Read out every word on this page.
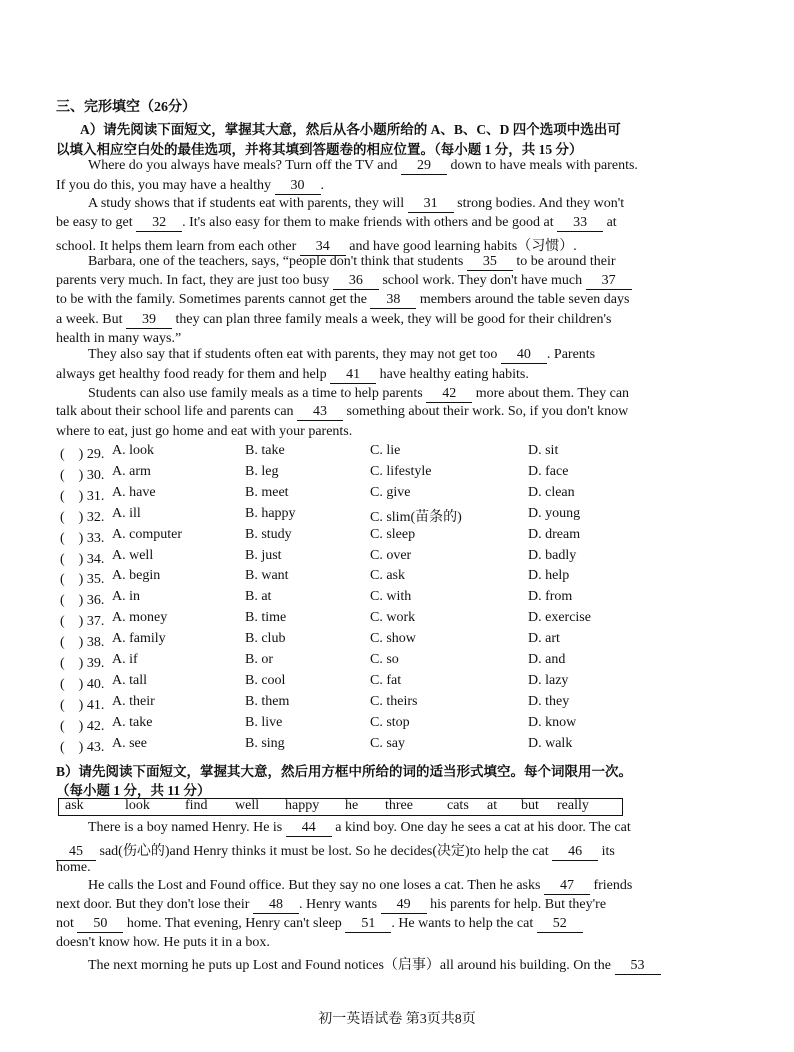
三、完形填空（26分）
A）请先阅读下面短文，掌握其大意，然后从各小题所给的 A、B、C、D 四个选项中选出可
以填入相应空白处的最佳选项，并将其填到答题卷的相应位置。（每小题 1 分，共 15 分）

Where do you always have meals? Turn off the TV and 29 down to have meals with parents.

If you do this, you may have a healthy 30 .

A study shows that if students eat with parents, they will 31 strong bodies. And they won't

be easy to get 32 . It's also easy for them to make friends with others and be good at 33 at

school. It helps them learn from each other 34 and have good learning habits（习惯）.

Barbara, one of the teachers, says, “people don't think that students 35 to be around their

parents very much. In fact, they are just too busy 36 school work. They don't have much 37

to be with the family. Sometimes parents cannot get the 38 members around the table seven days

a week. But 39 they can plan three family meals a week, they will be good for their children's

health in many ways.”

They also say that if students often eat with parents, they may not get too 40 . Parents

always get healthy food ready for them and help 41 have healthy eating habits.

Students can also use family meals as a time to help parents 42 more about them. They can

talk about their school life and parents can 43 something about their work. So, if you don't know

where to eat, just go home and eat with your parents.

(　) 29. A. look	B. take	C. lie	D. sit
(　) 30. A. arm	B. leg	C. lifestyle	D. face
(　) 31. A. have	B. meet	C. give	D. clean
(　) 32. A. ill	B. happy	C. slim(苗条的)	D. young
(　) 33. A. computer	B. study	C. sleep	D. dream
(　) 34. A. well	B. just	C. over	D. badly
(　) 35. A. begin	B. want	C. ask	D. help
(　) 36. A. in	B. at	C. with	D. from
(　) 37. A. money	B. time	C. work	D. exercise
(　) 38. A. family	B. club	C. show	D. art
(　) 39. A. if	B. or	C. so	D. and
(　) 40. A. tall	B. cool	C. fat	D. lazy
(　) 41. A. their	B. them	C. theirs	D. they
(　) 42. A. take	B. live	C. stop	D. know
(　) 43. A. see	B. sing	C. say	D. walk
B）请先阅读下面短文，掌握其大意，然后用方框中所给的词的适当形式填空。每个词限用一次。
（每小题 1 分，共 11 分）
ask	look	find well happy he three cats at but really

There is a boy named Henry. He is 44 a kind boy. One day he sees a cat at his door. The cat

45 sad(伤心的)and Henry thinks it must be lost. So he decides(决定)to help the cat 46 its

home.

He calls the Lost and Found office. But they say no one loses a cat. Then he asks 47 friends

next door. But they don't lose their 48 . Henry wants 49 his parents for help. But they're

not 50 home. That evening, Henry can't sleep 51 . He wants to help the cat 52

doesn't know how. He puts it in a box.

The next morning he puts up Lost and Found notices（启事）all around his building. On the 53

初一英语试卷 第3页共8页
